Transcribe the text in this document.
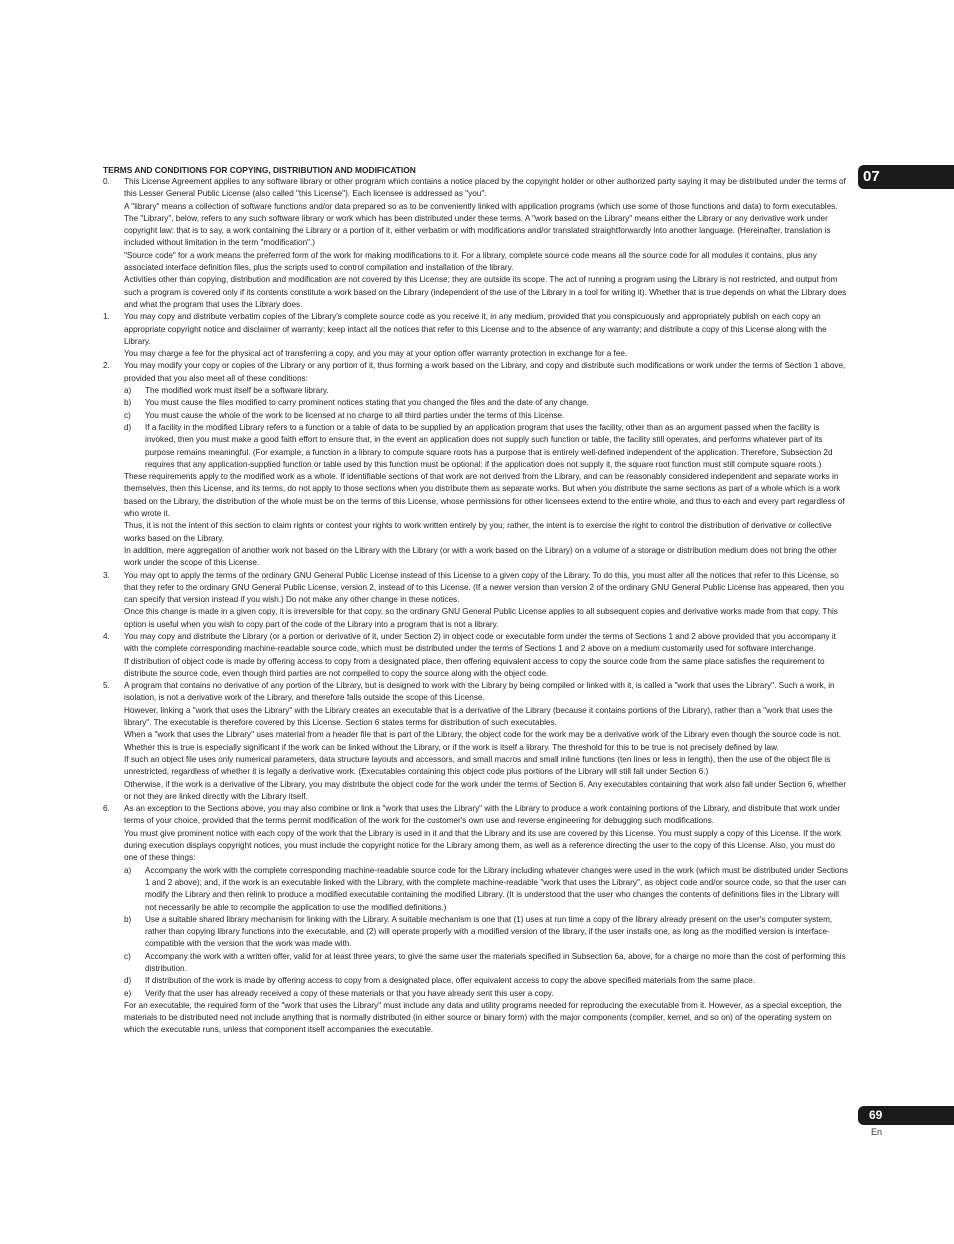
07

TERMS AND CONDITIONS FOR COPYING, DISTRIBUTION AND MODIFICATION

0. This License Agreement applies to any software library or other program which contains a notice placed by the copyright holder or other authorized party saying it may be distributed under the terms of this Lesser General Public License (also called "this License"). Each licensee is addressed as "you".

A "library" means a collection of software functions and/or data prepared so as to be conveniently linked with application programs (which use some of those functions and data) to form executables.

The "Library", below, refers to any such software library or work which has been distributed under these terms. A "work based on the Library" means either the Library or any derivative work under copyright law: that is to say, a work containing the Library or a portion of it, either verbatim or with modifications and/or translated straightforwardly into another language. (Hereinafter, translation is included without limitation in the term "modification".)

"Source code" for a work means the preferred form of the work for making modifications to it. For a library, complete source code means all the source code for all modules it contains, plus any associated interface definition files, plus the scripts used to control compilation and installation of the library.

Activities other than copying, distribution and modification are not covered by this License; they are outside its scope. The act of running a program using the Library is not restricted, and output from such a program is covered only if its contents constitute a work based on the Library (independent of the use of the Library in a tool for writing it). Whether that is true depends on what the Library does and what the program that uses the Library does.

1. You may copy and distribute verbatim copies of the Library's complete source code as you receive it, in any medium, provided that you conspicuously and appropriately publish on each copy an appropriate copyright notice and disclaimer of warranty; keep intact all the notices that refer to this License and to the absence of any warranty; and distribute a copy of this License along with the Library.

You may charge a fee for the physical act of transferring a copy, and you may at your option offer warranty protection in exchange for a fee.

2. You may modify your copy or copies of the Library or any portion of it, thus forming a work based on the Library, and copy and distribute such modifications or work under the terms of Section 1 above, provided that you also meet all of these conditions:

a) The modified work must itself be a software library.
b) You must cause the files modified to carry prominent notices stating that you changed the files and the date of any change.
c) You must cause the whole of the work to be licensed at no charge to all third parties under the terms of this License.
d) If a facility in the modified Library refers to a function or a table of data to be supplied by an application program that uses the facility, other than as an argument passed when the facility is invoked, then you must make a good faith effort to ensure that, in the event an application does not supply such function or table, the facility still operates, and performs whatever part of its purpose remains meaningful. (For example, a function in a library to compute square roots has a purpose that is entirely well-defined independent of the application. Therefore, Subsection 2d requires that any application-supplied function or table used by this function must be optional: if the application does not supply it, the square root function must still compute square roots.)

These requirements apply to the modified work as a whole. If identifiable sections of that work are not derived from the Library, and can be reasonably considered independent and separate works in themselves, then this License, and its terms, do not apply to those sections when you distribute them as separate works. But when you distribute the same sections as part of a whole which is a work based on the Library, the distribution of the whole must be on the terms of this License, whose permissions for other licensees extend to the entire whole, and thus to each and every part regardless of who wrote it.

Thus, it is not the intent of this section to claim rights or contest your rights to work written entirely by you; rather, the intent is to exercise the right to control the distribution of derivative or collective works based on the Library.

In addition, mere aggregation of another work not based on the Library with the Library (or with a work based on the Library) on a volume of a storage or distribution medium does not bring the other work under the scope of this License.

3. You may opt to apply the terms of the ordinary GNU General Public License instead of this License to a given copy of the Library. To do this, you must alter all the notices that refer to this License, so that they refer to the ordinary GNU General Public License, version 2, instead of to this License. (If a newer version than version 2 of the ordinary GNU General Public License has appeared, then you can specify that version instead if you wish.) Do not make any other change in these notices.

Once this change is made in a given copy, it is irreversible for that copy, so the ordinary GNU General Public License applies to all subsequent copies and derivative works made from that copy. This option is useful when you wish to copy part of the code of the Library into a program that is not a library.

4. You may copy and distribute the Library (or a portion or derivative of it, under Section 2) in object code or executable form under the terms of Sections 1 and 2 above provided that you accompany it with the complete corresponding machine-readable source code, which must be distributed under the terms of Sections 1 and 2 above on a medium customarily used for software interchange.

If distribution of object code is made by offering access to copy from a designated place, then offering equivalent access to copy the source code from the same place satisfies the requirement to distribute the source code, even though third parties are not compelled to copy the source along with the object code.

5. A program that contains no derivative of any portion of the Library, but is designed to work with the Library by being compiled or linked with it, is called a "work that uses the Library". Such a work, in isolation, is not a derivative work of the Library, and therefore falls outside the scope of this License.

However, linking a "work that uses the Library" with the Library creates an executable that is a derivative of the Library (because it contains portions of the Library), rather than a "work that uses the library". The executable is therefore covered by this License. Section 6 states terms for distribution of such executables.

When a "work that uses the Library" uses material from a header file that is part of the Library, the object code for the work may be a derivative work of the Library even though the source code is not. Whether this is true is especially significant if the work can be linked without the Library, or if the work is itself a library. The threshold for this to be true is not precisely defined by law.

If such an object file uses only numerical parameters, data structure layouts and accessors, and small macros and small inline functions (ten lines or less in length), then the use of the object file is unrestricted, regardless of whether it is legally a derivative work. (Executables containing this object code plus portions of the Library will still fall under Section 6.)

Otherwise, if the work is a derivative of the Library, you may distribute the object code for the work under the terms of Section 6. Any executables containing that work also fall under Section 6, whether or not they are linked directly with the Library itself.

6. As an exception to the Sections above, you may also combine or link a "work that uses the Library" with the Library to produce a work containing portions of the Library, and distribute that work under terms of your choice, provided that the terms permit modification of the work for the customer's own use and reverse engineering for debugging such modifications.

You must give prominent notice with each copy of the work that the Library is used in it and that the Library and its use are covered by this License. You must supply a copy of this License. If the work during execution displays copyright notices, you must include the copyright notice for the Library among them, as well as a reference directing the user to the copy of this License. Also, you must do one of these things:

a) Accompany the work with the complete corresponding machine-readable source code for the Library including whatever changes were used in the work (which must be distributed under Sections 1 and 2 above); and, if the work is an executable linked with the Library, with the complete machine-readable "work that uses the Library", as object code and/or source code, so that the user can modify the Library and then relink to produce a modified executable containing the modified Library. (It is understood that the user who changes the contents of definitions files in the Library will not necessarily be able to recompile the application to use the modified definitions.)
b) Use a suitable shared library mechanism for linking with the Library. A suitable mechanism is one that (1) uses at run time a copy of the library already present on the user's computer system, rather than copying library functions into the executable, and (2) will operate properly with a modified version of the library, if the user installs one, as long as the modified version is interface-compatible with the version that the work was made with.
c) Accompany the work with a written offer, valid for at least three years, to give the same user the materials specified in Subsection 6a, above, for a charge no more than the cost of performing this distribution.
d) If distribution of the work is made by offering access to copy from a designated place, offer equivalent access to copy the above specified materials from the same place.
e) Verify that the user has already received a copy of these materials or that you have already sent this user a copy.

For an executable, the required form of the "work that uses the Library" must include any data and utility programs needed for reproducing the executable from it. However, as a special exception, the materials to be distributed need not include anything that is normally distributed (in either source or binary form) with the major components (compiler, kernel, and so on) of the operating system on which the executable runs, unless that component itself accompanies the executable.

69
En
